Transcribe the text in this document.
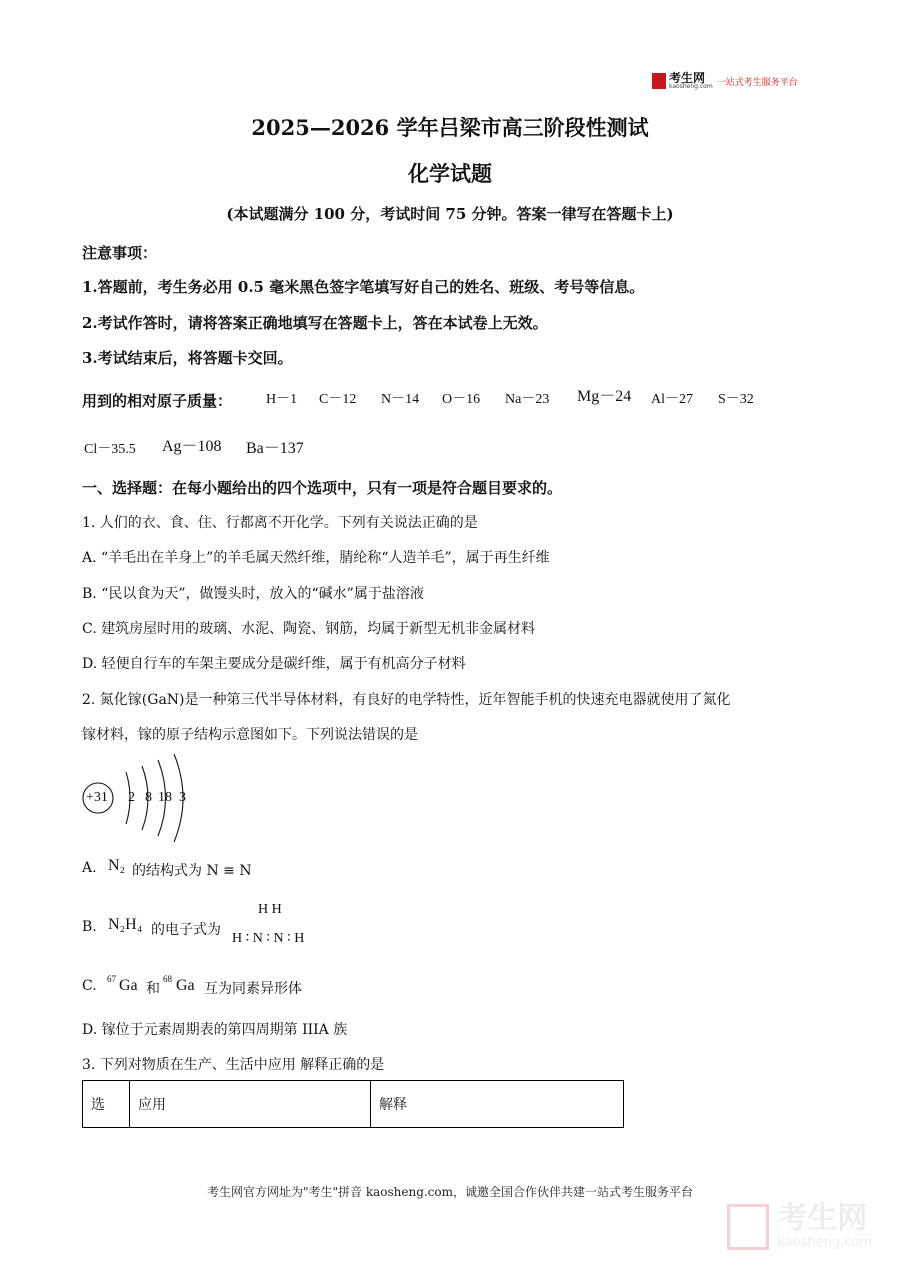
考生网
kaosheng.com 一站式考生服务平台
2025—2026 学年吕梁市高三阶段性测试
化学试题
(本试题满分 100 分，考试时间 75 分钟。答案一律写在答题卡上)
注意事项：
1.答题前，考生务必用 0.5 毫米黑色签字笔填写好自己的姓名、班级、考号等信息。
2.考试作答时，请将答案正确地填写在答题卡上，答在本试卷上无效。
3.考试结束后，将答题卡交回。
用到的相对原子质量： H－1 C－12 N－14 O－16 Na－23 Mg－24 Al－27 S－32
Cl－35.5 Ag－108 Ba－137
一、选择题：在每小题给出的四个选项中，只有一项是符合题目要求的。
1. 人们的衣、食、住、行都离不开化学。下列有关说法正确的是
A. “羊毛出在羊身上”的羊毛属天然纤维，腈纶称“人造羊毛”，属于再生纤维
B. “民以食为天”，做馒头时，放入的“碱水”属于盐溶液
C. 建筑房屋时用的玻璃、水泥、陶瓷、钢筋，均属于新型无机非金属材料
D. 轻便自行车的车架主要成分是碳纤维，属于有机高分子材料
2. 氮化镓(GaN)是一种第三代半导体材料，有良好的电学特性，近年智能手机的快速充电器就使用了氮化
镓材料，镓的原子结构示意图如下。下列说法错误的是
+31 2 8 18 3
A. N₂ 的结构式为 N ≡ N
B. N₂H₄ 的电子式为
H H
H ∶ N ∶ N ∶ H
C. 67 Ga 和
68 Ga 互为同素异形体
D. 镓位于元素周期表的第四周期第 IIIA 族
3. 下列对物质在生产、生活中应用 解释正确的是
选	应用	解释
考生网官方网址为"考生"拼音 kaosheng.com，诚邀全国合作伙伴共建一站式考生服务平台
考生网
kaosheng.com
